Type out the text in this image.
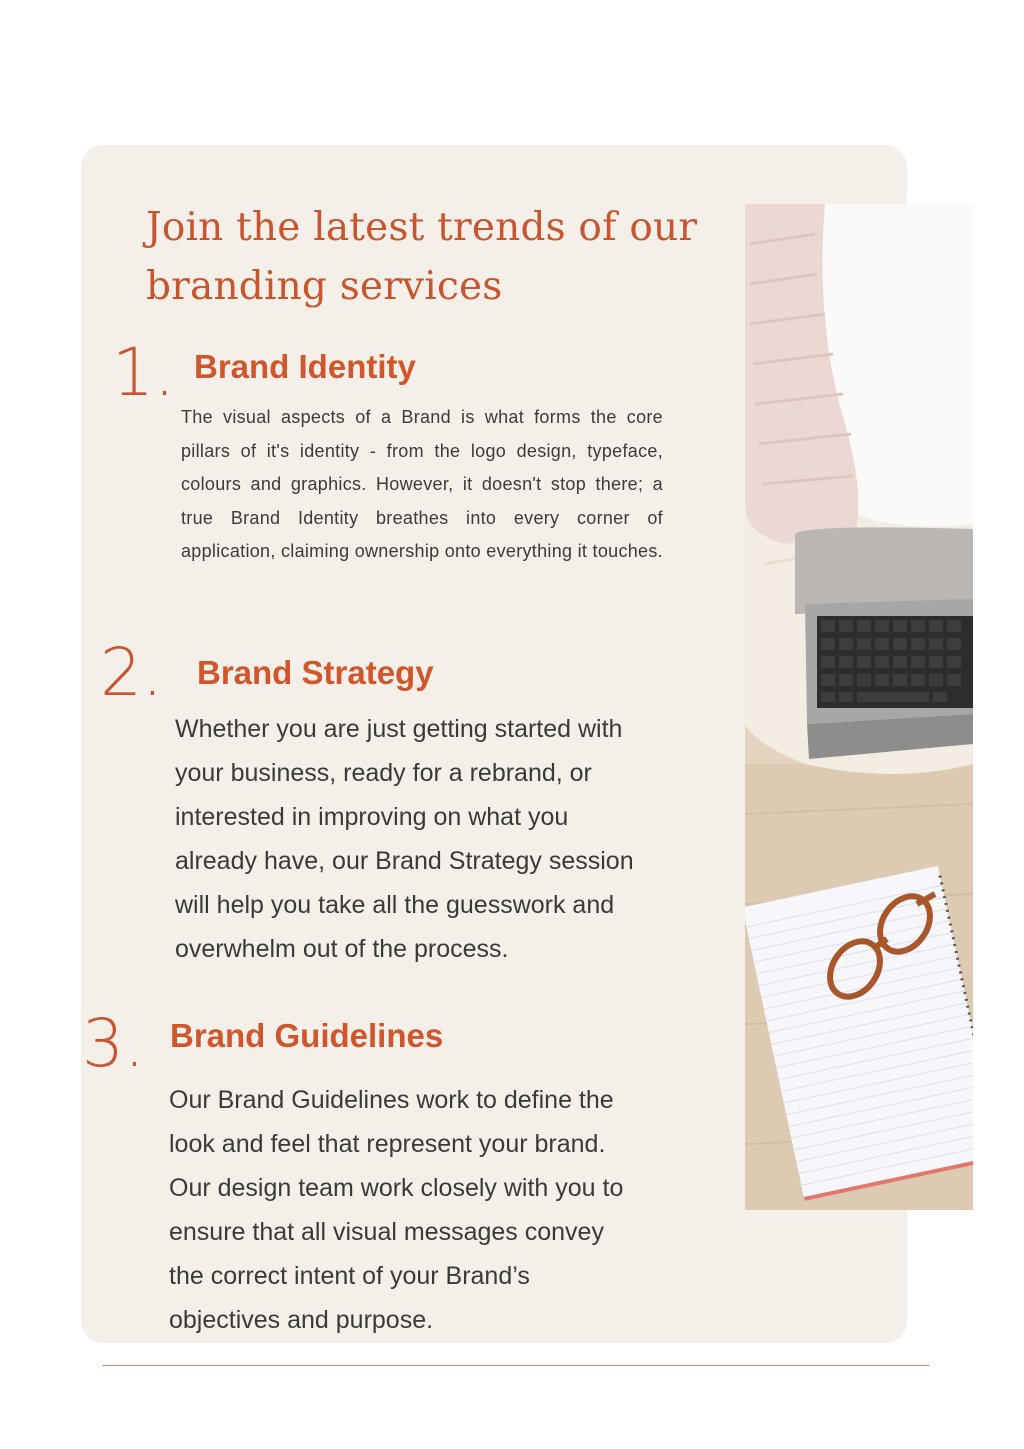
Join the latest trends of our branding services
1. Brand Identity

The visual aspects of a Brand is what forms the core pillars of it's identity - from the logo design, typeface, colours and graphics. However, it doesn't stop there; a true Brand Identity breathes into every corner of application, claiming ownership onto everything it touches.

2. Brand Strategy

Whether you are just getting started with your business, ready for a rebrand, or interested in improving on what you already have, our Brand Strategy session will help you take all the guesswork and overwhelm out of the process.

3. Brand Guidelines

Our Brand Guidelines work to define the look and feel that represent your brand. Our design team work closely with you to ensure that all visual messages convey the correct intent of your Brand’s objectives and purpose.
